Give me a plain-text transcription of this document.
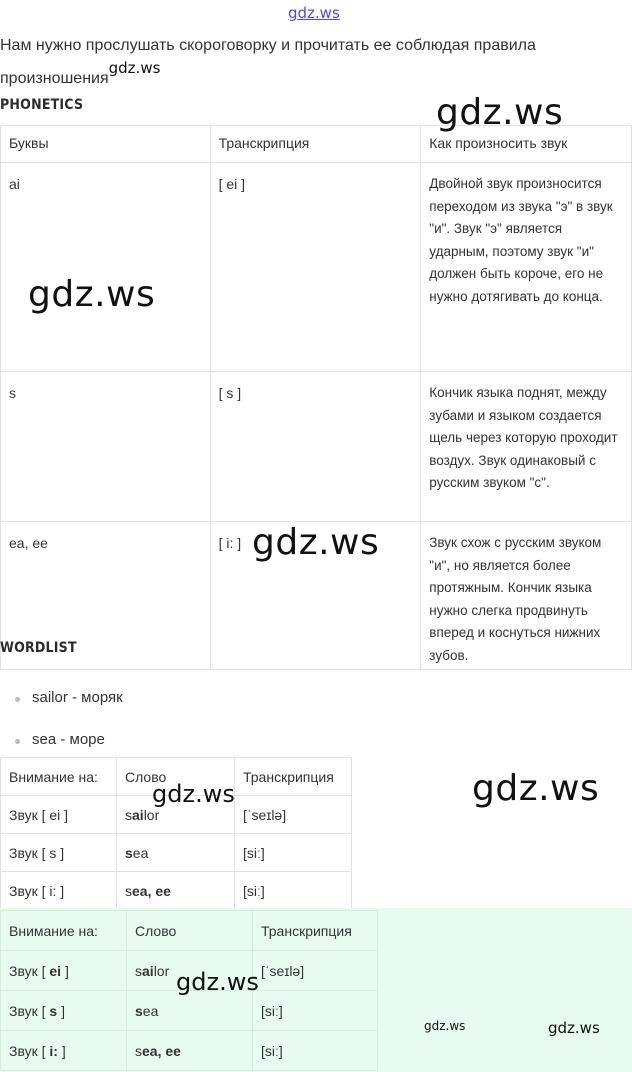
gdz.ws
Нам нужно прослушать скороговорку и прочитать ее соблюдая правила произношенияgdz.ws
PHONETICS
Буквы	Транскрипция	Как произносить звук
ai	[ ei ]	Двойной звук произносится переходом из звука "э" в звук "и". Звук "э" является ударным, поэтому звук "и" должен быть короче, его не нужно дотягивать до конца.
s	[ s ]	Кончик языка поднят, между зубами и языком создается щель через которую проходит воздух. Звук одинаковый с русским звуком "с".
ea, ee	[ i: ]	Звук схож с русским звуком "и", но является более протяжным. Кончик языка нужно слегка продвинуть вперед и коснуться нижних зубов.
WORDLIST
sailor - моряк
sea - море
Внимание на:	Слово	Транскрипция
Звук [ ei ]	sailor	[ˈseɪlə]
Звук [ s ]	sea	[siː]
Звук [ i: ]	sea, ee	[siː]
Внимание на:	Слово	Транскрипция
Звук [ ei ]	sailor	[ˈseɪlə]
Звук [ s ]	sea	[siː]
Звук [ i: ]	sea, ee	[siː]
gdz.ws
gdz.ws
gdz.ws
gdz.ws
gdz.ws
gdz.ws
gdz.ws	gdz.ws
